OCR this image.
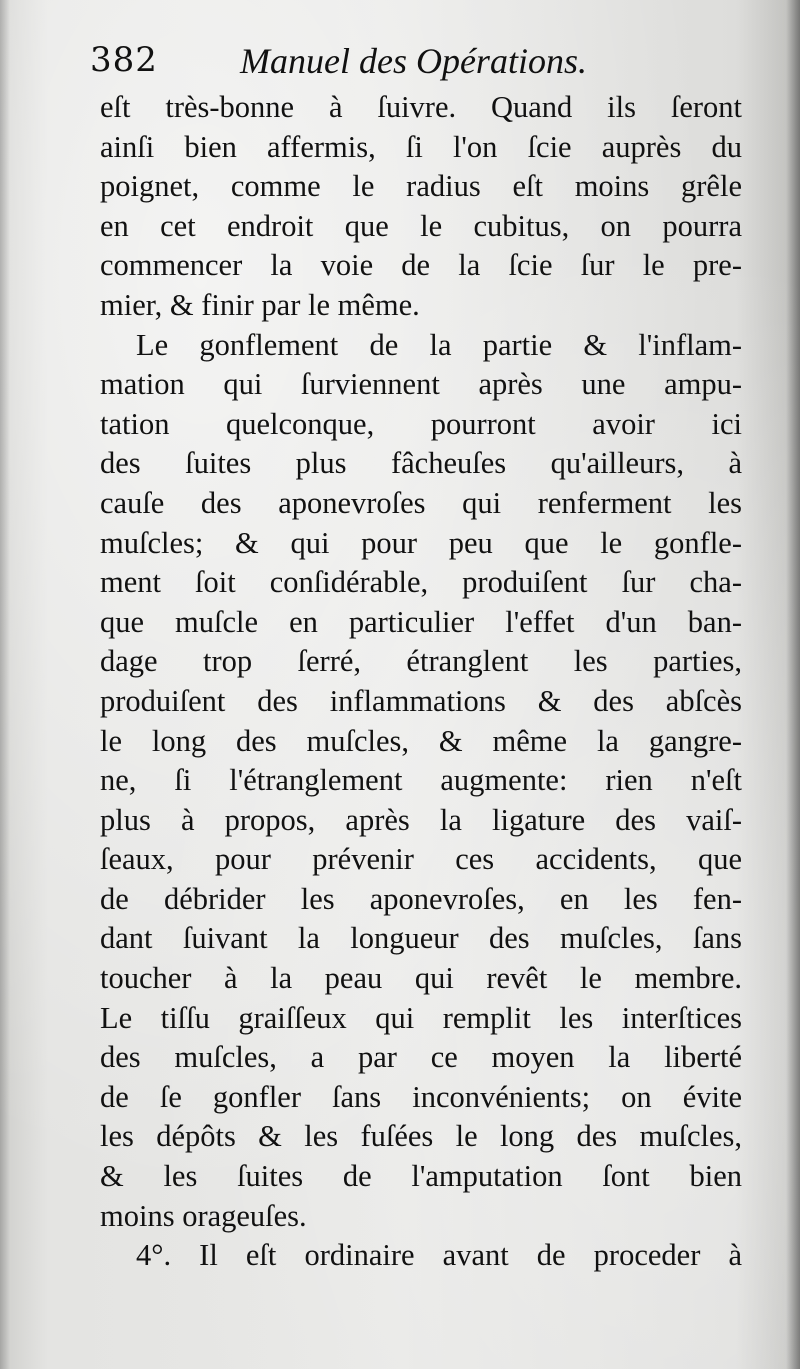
382 Manuel des Opérations.
eſt très-bonne à ſuivre. Quand ils ſeront
ainſi bien affermis, ſi l'on ſcie auprès du
poignet, comme le radius eſt moins grêle
en cet endroit que le cubitus, on pourra
commencer la voie de la ſcie ſur le pre-
mier, & finir par le même.
Le gonflement de la partie & l'inflam-
mation qui ſurviennent après une ampu-
tation quelconque, pourront avoir ici
des ſuites plus fâcheuſes qu'ailleurs, à
cauſe des aponevroſes qui renferment les
muſcles; & qui pour peu que le gonfle-
ment ſoit conſidérable, produiſent ſur cha-
que muſcle en particulier l'effet d'un ban-
dage trop ſerré, étranglent les parties,
produiſent des inflammations & des abſcès
le long des muſcles, & même la gangre-
ne, ſi l'étranglement augmente: rien n'eſt
plus à propos, après la ligature des vaiſ-
ſeaux, pour prévenir ces accidents, que
de débrider les aponevroſes, en les fen-
dant ſuivant la longueur des muſcles, ſans
toucher à la peau qui revêt le membre.
Le tiſſu graiſſeux qui remplit les interſtices
des muſcles, a par ce moyen la liberté
de ſe gonfler ſans inconvénients; on évite
les dépôts & les fuſées le long des muſcles,
& les ſuites de l'amputation ſont bien
moins orageuſes.
4°. Il eſt ordinaire avant de proceder à
